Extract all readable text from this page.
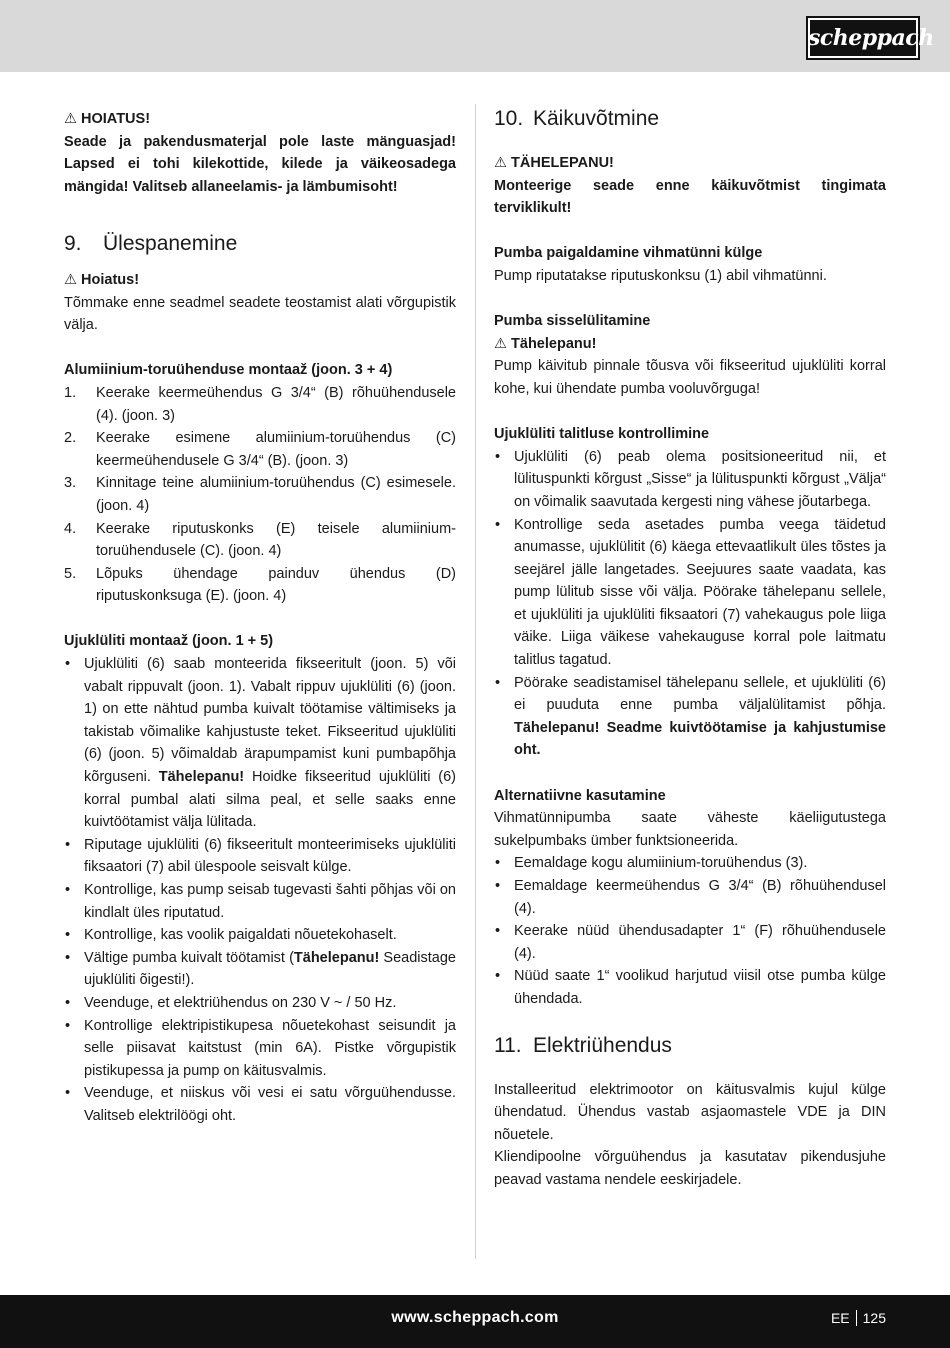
scheppach

⚠ HOIATUS!

Seade ja pakendusmaterjal pole laste mänguasjad! Lapsed ei tohi kilekottide, kilede ja väikeosadega mängida! Valitseb allaneelamis- ja lämbumisoht!

9. Ülespanemine

⚠ Hoiatus!

Tõmmake enne seadmel seadete teostamist alati võrgupistik välja.

Alumiinium-toruühenduse montaaž (joon. 3 + 4)

1. Keerake keermeühendus G 3/4“ (B) rõhuühendusele (4). (joon. 3)
2. Keerake esimene alumiinium-toruühendus (C) keermeühendusele G 3/4“ (B). (joon. 3)
3. Kinnitage teine alumiinium-toruühendus (C) esimesele. (joon. 4)
4. Keerake riputuskonks (E) teisele alumiinium-toruühendusele (C). (joon. 4)
5. Lõpuks ühendage painduv ühendus (D) riputuskonksuga (E). (joon. 4)

Ujuklüliti montaaž (joon. 1 + 5)

• Ujuklüliti (6) saab monteerida fikseeritult (joon. 5) või vabalt rippuvalt (joon. 1). Vabalt rippuv ujuklüliti (6) (joon. 1) on ette nähtud pumba kuivalt töötamise vältimiseks ja takistab võimalike kahjustuste teket. Fikseeritud ujuklüliti (6) (joon. 5) võimaldab ärapumpamist kuni pumbapõhja kõrguseni. Tähelepanu! Hoidke fikseeritud ujuklüliti (6) korral pumbal alati silma peal, et selle saaks enne kuivtöötamist välja lülitada.
• Riputage ujuklüliti (6) fikseeritult monteerimiseks ujuklüliti fiksaatori (7) abil ülespoole seisvalt külge.
• Kontrollige, kas pump seisab tugevasti šahti põhjas või on kindlalt üles riputatud.
• Kontrollige, kas voolik paigaldati nõuetekohaselt.
• Vältige pumba kuivalt töötamist (Tähelepanu! Seadistage ujuklüliti õigesti!).
• Veenduge, et elektriühendus on 230 V ~ / 50 Hz.
• Kontrollige elektripistikupesa nõuetekohast seisundit ja selle piisavat kaitstust (min 6A). Pistke võrgupistik pistikupessa ja pump on käitusvalmis.
• Veenduge, et niiskus või vesi ei satu võrguühendusse. Valitseb elektrilöögi oht.
10. Käikuvõtmine

⚠ TÄHELEPANU!

Monteerige seade enne käikuvõtmist tingimata terviklikult!

Pumba paigaldamine vihmatünni külge

Pump riputatakse riputuskonksu (1) abil vihmatünni.

Pumba sisselülitamine

⚠ Tähelepanu!

Pump käivitub pinnale tõusva või fikseeritud ujuklüliti korral kohe, kui ühendate pumba vooluvõrguga!

Ujuklüliti talitluse kontrollimine

• Ujuklüliti (6) peab olema positsioneeritud nii, et lülituspunkti kõrgust „Sisse“ ja lülituspunkti kõrgust „Välja“ on võimalik saavutada kergesti ning vähese jõutarbega.
• Kontrollige seda asetades pumba veega täidetud anumasse, ujuklülitit (6) käega ettevaatlikult üles tõstes ja seejärel jälle langetades. Seejuures saate vaadata, kas pump lülitub sisse või välja. Pöörake tähelepanu sellele, et ujuklüliti ja ujuklüliti fiksaatori (7) vahekaugus pole liiga väike. Liiga väikese vahekauguse korral pole laitmatu talitlus tagatud.
• Pöörake seadistamisel tähelepanu sellele, et ujuklüliti (6) ei puuduta enne pumba väljalülitamist põhja. Tähelepanu! Seadme kuivtöötamise ja kahjustumise oht.

Alternatiivne kasutamine

Vihmatünnipumba saate väheste käeliigutustega sukelpumbaks ümber funktsioneerida.

• Eemaldage kogu alumiinium-toruühendus (3).
• Eemaldage keermeühendus G 3/4“ (B) rõhuühendusel (4).
• Keerake nüüd ühendusadapter 1“ (F) rõhuühendusele (4).
• Nüüd saate 1“ voolikud harjutud viisil otse pumba külge ühendada.
11. Elektriühendus

Installeeritud elektrimootor on käitusvalmis kujul külge ühendatud. Ühendus vastab asjaomastele VDE ja DIN nõuetele.

Kliendipoolne võrguühendus ja kasutatav pikendusjuhe peavad vastama nendele eeskirjadele.

www.scheppach.com	EE 125
